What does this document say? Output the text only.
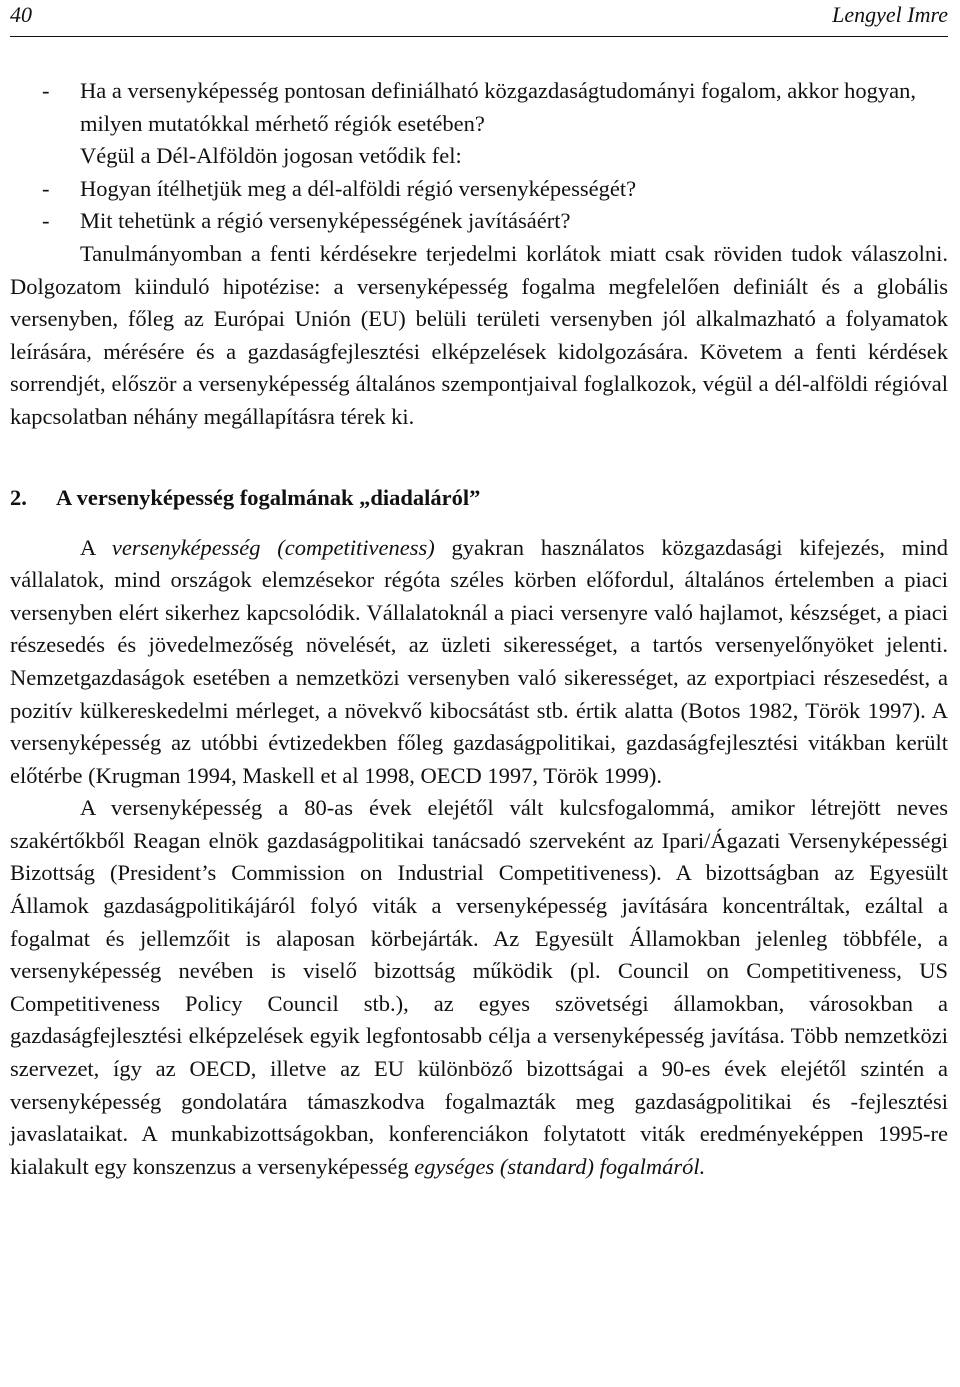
40	Lengyel Imre
- Ha a versenyképesség pontosan definiálható közgazdaságtudományi fogalom, akkor hogyan, milyen mutatókkal mérhető régiók esetében?
Végül a Dél-Alföldön jogosan vetődik fel:
- Hogyan ítélhetjük meg a dél-alföldi régió versenyképességét?
- Mit tehetünk a régió versenyképességének javításáért?

Tanulmányomban a fenti kérdésekre terjedelmi korlátok miatt csak röviden tudok válaszolni. Dolgozatom kiinduló hipotézise: a versenyképesség fogalma megfelelően definiált és a globális versenyben, főleg az Európai Unión (EU) belüli területi versenyben jól alkalmazható a folyamatok leírására, mérésére és a gazdaságfejlesztési elképzelések kidolgozására. Követem a fenti kérdések sorrendjét, először a versenyképesség általános szempontjaival foglalkozok, végül a dél-alföldi régióval kapcsolatban néhány megállapításra térek ki.

2. A versenyképesség fogalmának „diadaláról”

A versenyképesség (competitiveness) gyakran használatos közgazdasági kifejezés, mind vállalatok, mind országok elemzésekor régóta széles körben előfordul, általános értelemben a piaci versenyben elért sikerhez kapcsolódik. Vállalatoknál a piaci versenyre való hajlamot, készséget, a piaci részesedés és jövedelmezőség növelését, az üzleti sikerességet, a tartós versenyelőnyöket jelenti. Nemzetgazdaságok esetében a nemzetközi versenyben való sikerességet, az exportpiaci részesedést, a pozitív külkereskedelmi mérleget, a növekvő kibocsátást stb. értik alatta (Botos 1982, Török 1997). A versenyképesség az utóbbi évtizedekben főleg gazdaságpolitikai, gazdaságfejlesztési vitákban került előtérbe (Krugman 1994, Maskell et al 1998, OECD 1997, Török 1999).

A versenyképesség a 80-as évek elejétől vált kulcsfogalommá, amikor létrejött neves szakértőkből Reagan elnök gazdaságpolitikai tanácsadó szerveként az Ipari/Ágazati Versenyképességi Bizottság (President’s Commission on Industrial Competitiveness). A bizottságban az Egyesült Államok gazdaságpolitikájáról folyó viták a versenyképesség javítására koncentráltak, ezáltal a fogalmat és jellemzőit is alaposan körbejárták. Az Egyesült Államokban jelenleg többféle, a versenyképesség nevében is viselő bizottság működik (pl. Council on Competitiveness, US Competitiveness Policy Council stb.), az egyes szövetségi államokban, városokban a gazdaságfejlesztési elképzelések egyik legfontosabb célja a versenyképesség javítása. Több nemzetközi szervezet, így az OECD, illetve az EU különböző bizottságai a 90-es évek elejétől szintén a versenyképesség gondolatára támaszkodva fogalmazták meg gazdaságpolitikai és -fejlesztési javaslataikat. A munkabizottságokban, konferenciákon folytatott viták eredményeképpen 1995-re kialakult egy konszenzus a versenyképesség egységes (standard) fogalmáról.
